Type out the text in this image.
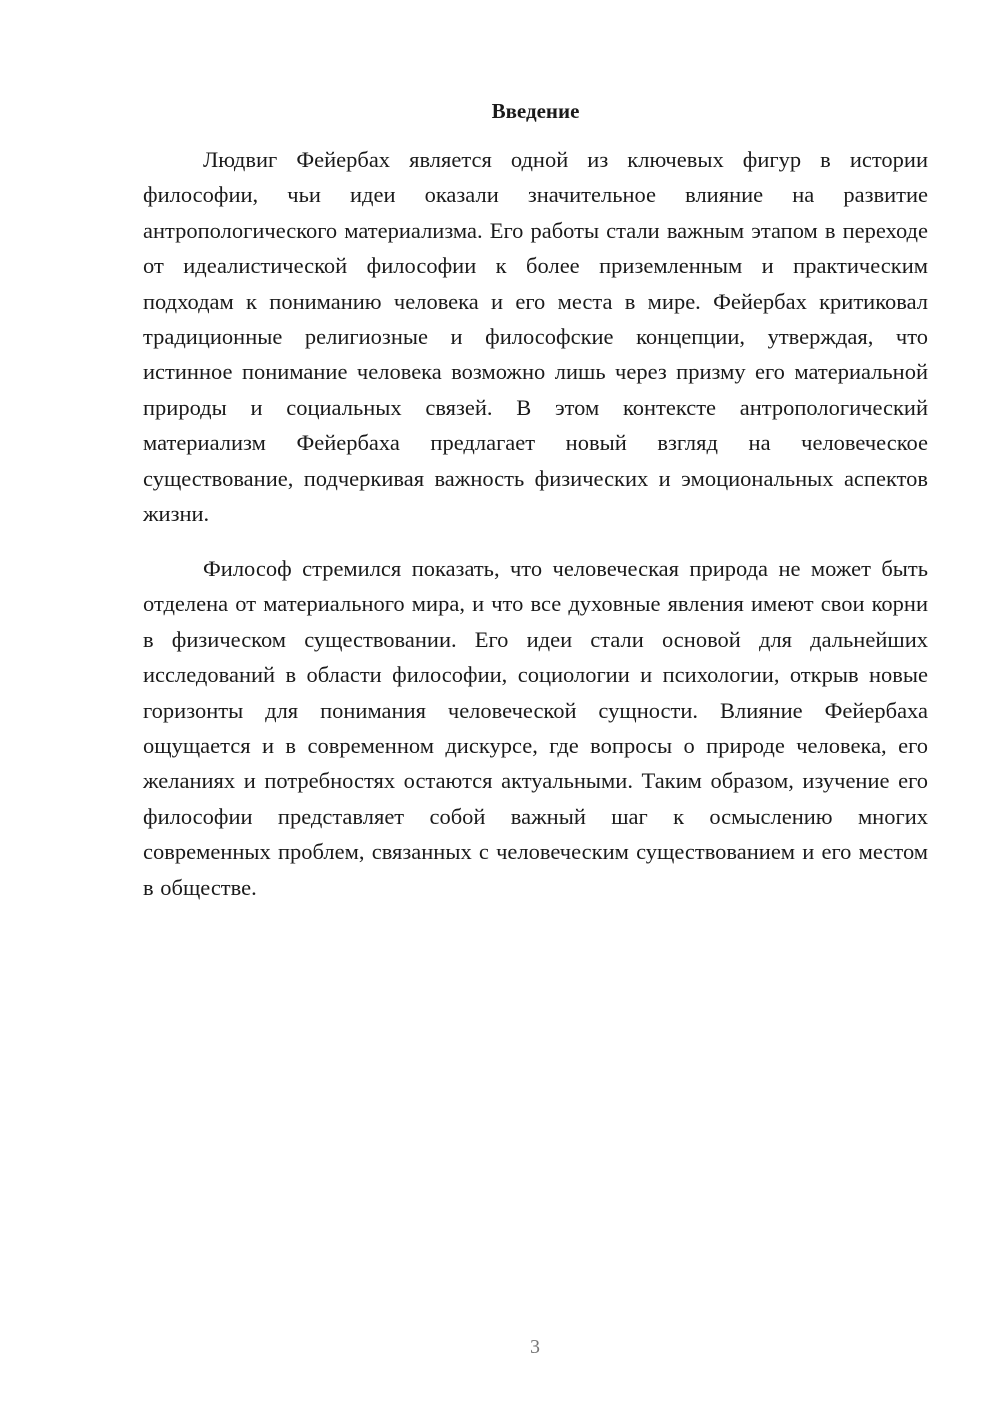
Введение

Людвиг Фейербах является одной из ключевых фигур в истории философии, чьи идеи оказали значительное влияние на развитие антропологического материализма. Его работы стали важным этапом в переходе от идеалистической философии к более приземленным и практическим подходам к пониманию человека и его места в мире. Фейербах критиковал традиционные религиозные и философские концепции, утверждая, что истинное понимание человека возможно лишь через призму его материальной природы и социальных связей. В этом контексте антропологический материализм Фейербаха предлагает новый взгляд на человеческое существование, подчеркивая важность физических и эмоциональных аспектов жизни.

Философ стремился показать, что человеческая природа не может быть отделена от материального мира, и что все духовные явления имеют свои корни в физическом существовании. Его идеи стали основой для дальнейших исследований в области философии, социологии и психологии, открыв новые горизонты для понимания человеческой сущности. Влияние Фейербаха ощущается и в современном дискурсе, где вопросы о природе человека, его желаниях и потребностях остаются актуальными. Таким образом, изучение его философии представляет собой важный шаг к осмыслению многих современных проблем, связанных с человеческим существованием и его местом в обществе.

3
